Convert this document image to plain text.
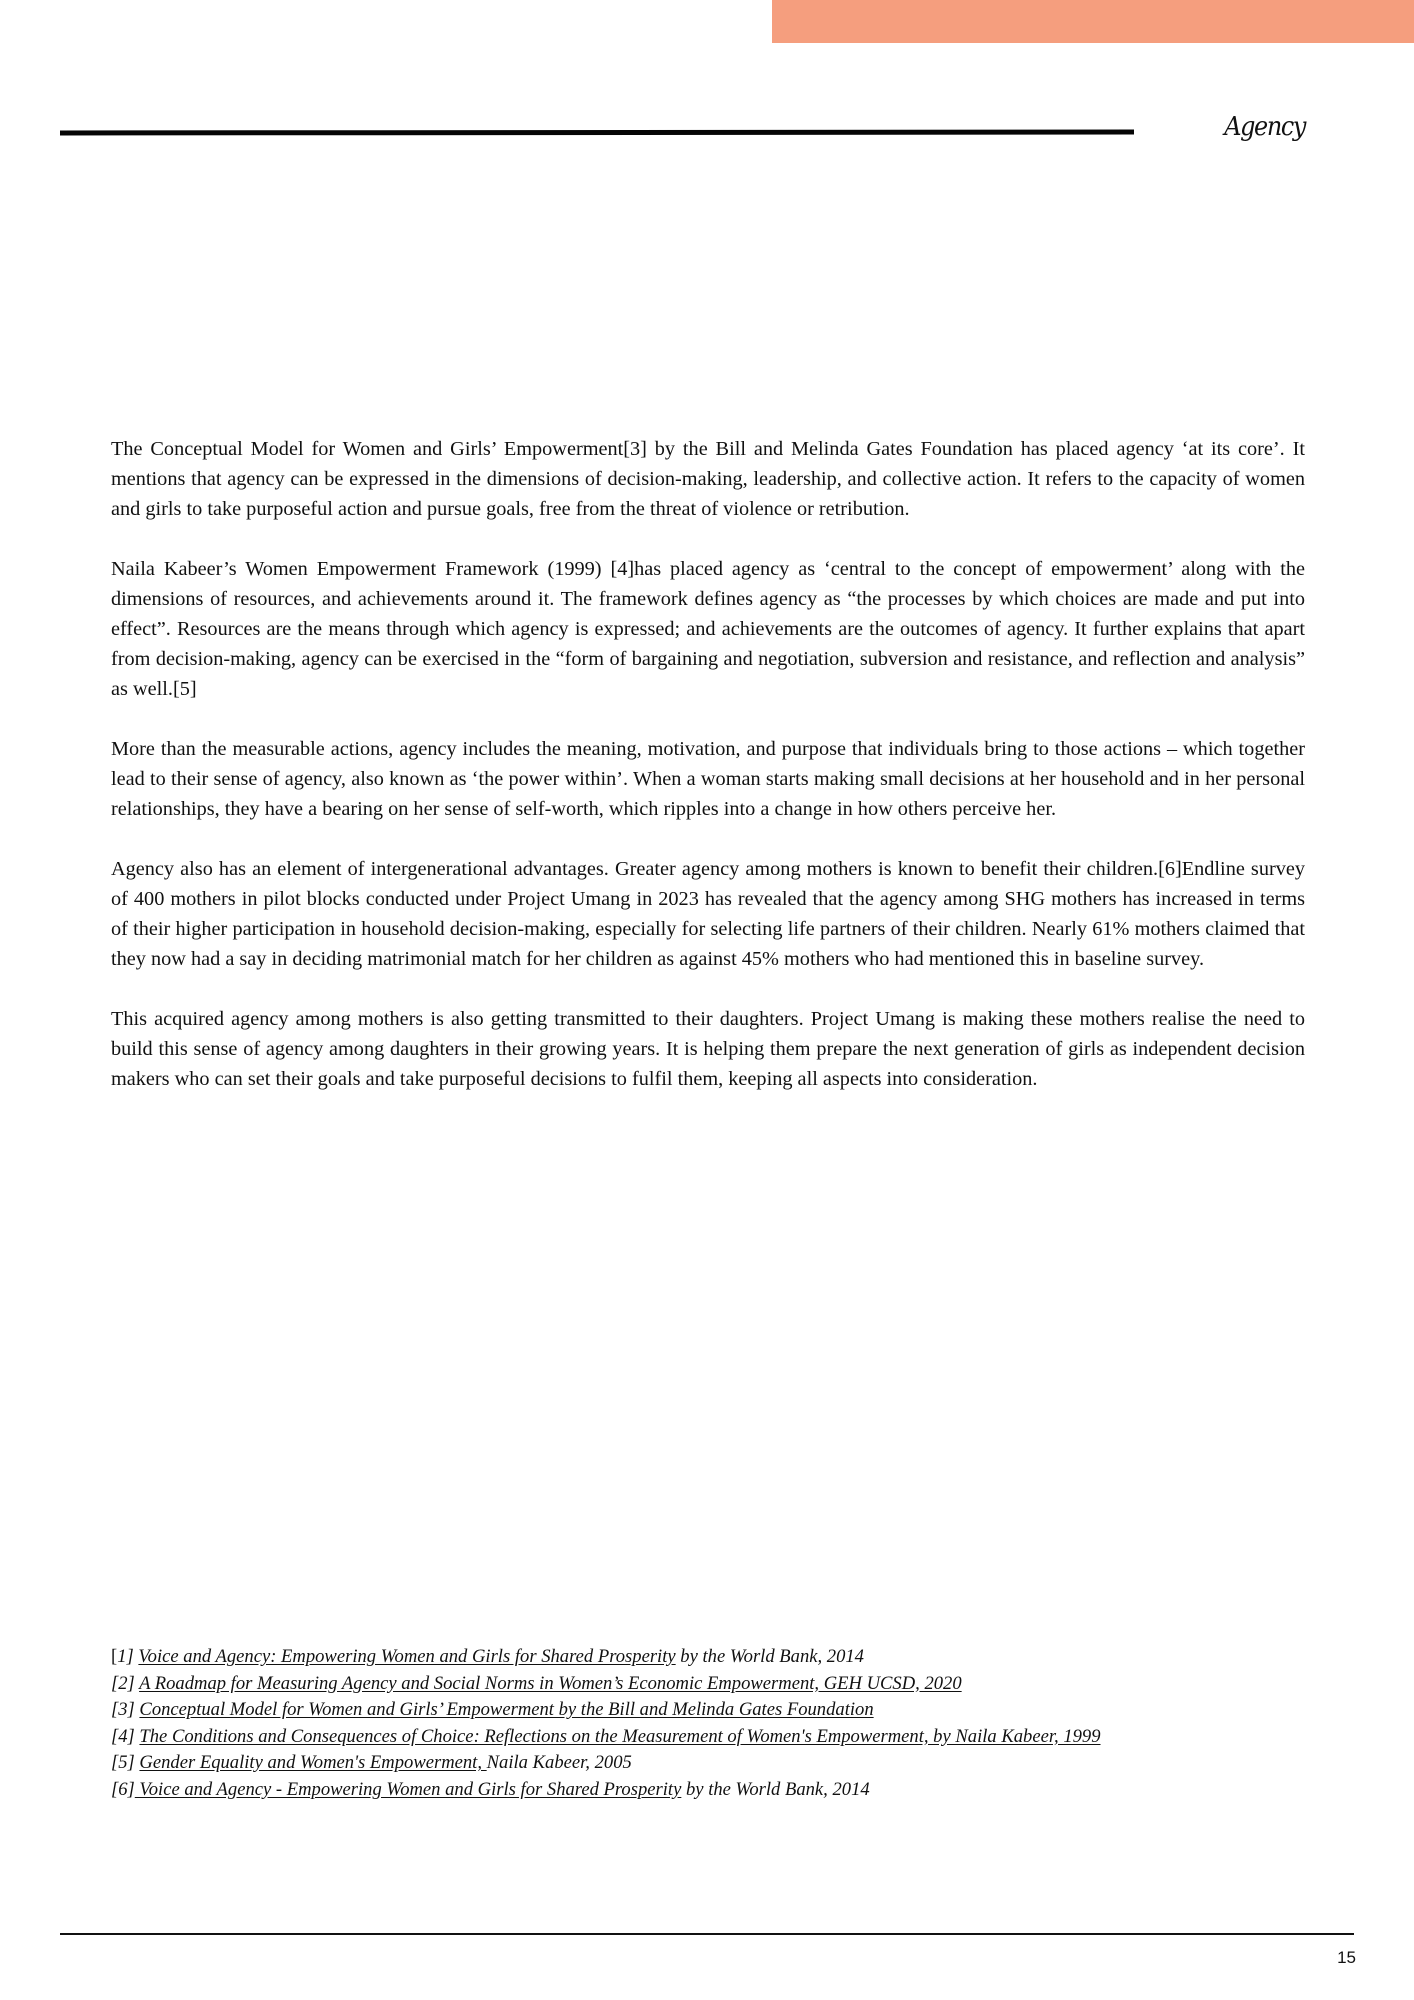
Agency

The Conceptual Model for Women and Girls’ Empowerment[3] by the Bill and Melinda Gates Foundation has placed agency ‘at its core’. It mentions that agency can be expressed in the dimensions of decision-making, leadership, and collective action. It refers to the capacity of women and girls to take purposeful action and pursue goals, free from the threat of violence or retribution.

Naila Kabeer’s Women Empowerment Framework (1999) [4]has placed agency as ‘central to the concept of empowerment’ along with the dimensions of resources, and achievements around it. The framework defines agency as “the processes by which choices are made and put into effect”. Resources are the means through which agency is expressed; and achievements are the outcomes of agency. It further explains that apart from decision-making, agency can be exercised in the “form of bargaining and negotiation, subversion and resistance, and reflection and analysis” as well.[5]

More than the measurable actions, agency includes the meaning, motivation, and purpose that individuals bring to those actions – which together lead to their sense of agency, also known as ‘the power within’. When a woman starts making small decisions at her household and in her personal relationships, they have a bearing on her sense of self-worth, which ripples into a change in how others perceive her.

Agency also has an element of intergenerational advantages. Greater agency among mothers is known to benefit their children.[6]Endline survey of 400 mothers in pilot blocks conducted under Project Umang in 2023 has revealed that the agency among SHG mothers has increased in terms of their higher participation in household decision-making, especially for selecting life partners of their children. Nearly 61% mothers claimed that they now had a say in deciding matrimonial match for her children as against 45% mothers who had mentioned this in baseline survey.

This acquired agency among mothers is also getting transmitted to their daughters. Project Umang is making these mothers realise the need to build this sense of agency among daughters in their growing years. It is helping them prepare the next generation of girls as independent decision makers who can set their goals and take purposeful decisions to fulfil them, keeping all aspects into consideration.

[1] Voice and Agency: Empowering Women and Girls for Shared Prosperity by the World Bank, 2014
[2] A Roadmap for Measuring Agency and Social Norms in Women’s Economic Empowerment, GEH UCSD, 2020
[3] Conceptual Model for Women and Girls’ Empowerment by the Bill and Melinda Gates Foundation
[4] The Conditions and Consequences of Choice: Reflections on the Measurement of Women's Empowerment, by Naila Kabeer, 1999
[5] Gender Equality and Women's Empowerment, Naila Kabeer, 2005
[6] Voice and Agency - Empowering Women and Girls for Shared Prosperity by the World Bank, 2014
15
